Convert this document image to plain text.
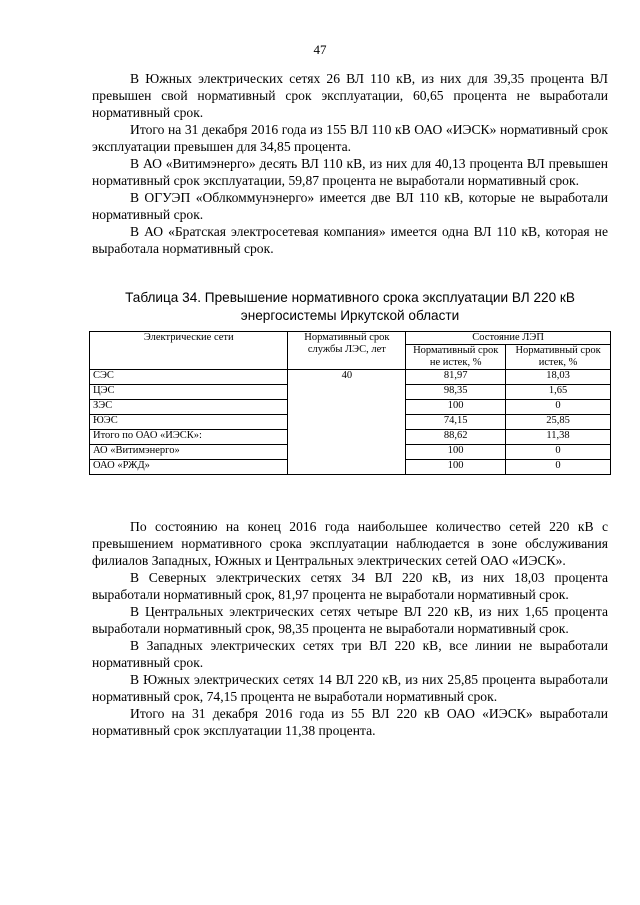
47

В Южных электрических сетях 26 ВЛ 110 кВ, из них для 39,35 процента ВЛ превышен свой нормативный срок эксплуатации, 60,65 процента не выработали нормативный срок.

Итого на 31 декабря 2016 года из 155 ВЛ 110 кВ ОАО «ИЭСК» нормативный срок эксплуатации превышен для 34,85 процента.

В АО «Витимэнерго» десять ВЛ 110 кВ, из них для 40,13 процента ВЛ превышен нормативный срок эксплуатации, 59,87 процента не выработали нормативный срок.

В ОГУЭП «Облкоммунэнерго» имеется две ВЛ 110 кВ, которые не выработали нормативный срок.

В АО «Братская электросетевая компания» имеется одна ВЛ 110 кВ, которая не выработала нормативный срок.

Таблица 34. Превышение нормативного срока эксплуатации ВЛ 220 кВ энергосистемы Иркутской области
Электрические сети	Нормативный срок службы ЛЭС, лет	Состояние ЛЭП	
		Нормативный срок не истек, %	Нормативный срок истек, %
СЭС	40	81,97	18,03
ЦЭС		98,35	1,65
ЗЭС		100	0
ЮЭС		74,15	25,85
Итого по ОАО «ИЭСК»:		88,62	11,38
АО «Витимэнерго»		100	0
ОАО «РЖД»		100	0

По состоянию на конец 2016 года наибольшее количество сетей 220 кВ с превышением нормативного срока эксплуатации наблюдается в зоне обслуживания филиалов Западных, Южных и Центральных электрических сетей ОАО «ИЭСК».

В Северных электрических сетях 34 ВЛ 220 кВ, из них 18,03 процента выработали нормативный срок, 81,97 процента не выработали нормативный срок.

В Центральных электрических сетях четыре ВЛ 220 кВ, из них 1,65 процента выработали нормативный срок, 98,35 процента не выработали нормативный срок.

В Западных электрических сетях три ВЛ 220 кВ, все линии не выработали нормативный срок.

В Южных электрических сетях 14 ВЛ 220 кВ, из них 25,85 процента выработали нормативный срок, 74,15 процента не выработали нормативный срок.

Итого на 31 декабря 2016 года из 55 ВЛ 220 кВ ОАО «ИЭСК» выработали нормативный срок эксплуатации 11,38 процента.
